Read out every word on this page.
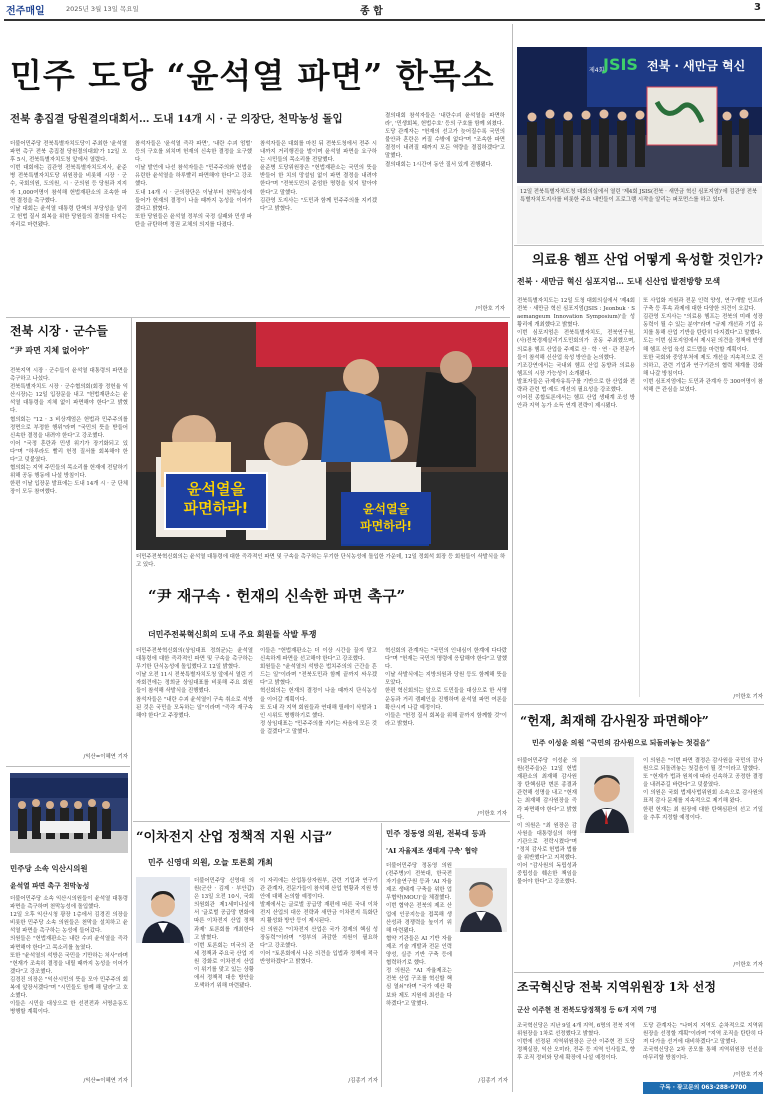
전주매일	2025년 3월 13일 목요일	종 합	3
민주 도당 “윤석열 파면” 한목소
전북 총집결 당원결의대회서… 도내 14개 시 · 군 의장단, 천막농성 돌입
더불어민주당 전북특별자치도당이 주최한 '윤석열 파면 촉구 전북 총집결 당원결의대회'가 12일 오후 5시, 전북특별자치도청 앞에서 열렸다.
이번 대회에는 김관영 전북특별자치도지사, 윤준병 전북특별자치도당 위원장을 비롯해 시장 · 군수, 국회의원, 도의원, 시 · 군의원 등 당원과 지지자 1,000여명이 참석해 헌법재판소의 조속한 파면 결정을 촉구했다.
이날 대회는 윤석열 대통령 탄핵의 부당성을 알리고 헌법 질서 회복을 위한 당원들의 결의를 다지는 자리로 마련됐다.
참석자들은 '윤석열 즉각 파면', '내란 수괴 엄벌' 등의 구호를 외치며 헌재의 신속한 결정을 요구했다.
이날 발언에 나선 참석자들은 "민주주의와 헌법을 유린한 윤석열을 하루빨리 파면해야 한다"고 강조했다.
도내 14개 시 · 군의장단은 이날부터 천막농성에 들어가 헌재의 결정이 나올 때까지 농성을 이어가겠다고 밝혔다.
또한 당원들은 윤석열 정부의 국정 실패와 민생 파탄을 규탄하며 정권 교체의 의지를 다졌다.
참석자들은 대회를 마친 뒤 전북도청에서 전주 시내까지 거리행진을 벌이며 윤석열 파면을 요구하는 시민들의 목소리를 전달했다.
윤준병 도당위원장은 "헌법재판소는 국민의 뜻을 받들어 한 치의 망설임 없이 파면 결정을 내려야 한다"며 "전북도민의 준엄한 명령을 잊지 말아야 한다"고 말했다.
김관영 도지사는 "도민과 함께 민주주의를 지키겠다"고 밝혔다.
결의대회 참석자들은 '내란수괴 윤석열을 파면하라', '민생회복, 헌법수호' 등의 구호를 함께 외쳤다.
도당 관계자는 "헌재의 선고가 늦어질수록 국민의 불안과 혼란은 커질 수밖에 없다"며 "조속한 파면 결정이 내려질 때까지 모든 역량을 결집하겠다"고 말했다.
결의대회는 1시간여 동안 질서 있게 진행됐다.
/이한호 기자
제4회
JSIS 전북 · 새만금 혁신
12일 전북특별자치도청 대회의실에서 열린 '제4회 JSIS(전북 · 새만금 혁신 심포지엄)'에 김관영 전북특별자치도지사를 비롯한 주요 내빈들이 프로그램 시작을 알리는 퍼포먼스를 하고 있다.
의료용 헴프 산업 어떻게 육성할 것인가?
전북 · 새만금 혁신 심포지엄… 도내 신산업 발전방향 모색
전북특별자치도는 12일 도청 대회의실에서 '제4회 전북 · 새만금 혁신 심포지엄(JSIS : Jeonbuk · Saemangeum Innovation Symposium)'을 성황리에 개최했다고 밝혔다.
이번 심포지엄은 전북특별자치도, 전북연구원, (사)전북경제살리기도민회의가 공동 주최했으며, 의료용 헴프 산업을 주제로 산 · 학 · 연 · 관 전문가들이 참석해 신산업 육성 방안을 논의했다.
기조강연에서는 국내외 헴프 산업 동향과 의료용 헴프의 시장 가능성이 소개됐다.
발표자들은 규제자유특구를 기반으로 한 산업화 전략과 관련 법·제도 개선의 필요성을 강조했다.
이어진 종합토론에서는 헴프 산업 생태계 조성 방안과 지역 농가 소득 연계 전략이 제시됐다.
또 사업화 지원과 전문 인력 양성, 연구개발 인프라 구축 등 후속 과제에 대한 다양한 의견이 오갔다.
김관영 도지사는 "의료용 헴프는 전북의 미래 성장동력이 될 수 있는 분야"라며 "규제 개선과 기업 유치를 통해 산업 기반을 탄탄히 다지겠다"고 말했다.
도는 이번 심포지엄에서 제시된 의견을 정책에 반영해 헴프 산업 육성 로드맵을 마련할 계획이다.
또한 국회와 중앙부처에 제도 개선을 지속적으로 건의하고, 관련 기업과 연구기관의 협력 체계를 강화해 나갈 방침이다.
이번 심포지엄에는 도민과 관계자 등 300여명이 참석해 큰 관심을 보였다.
/이한호 기자
전북 시장 · 군수들
“尹 파면 지체 없어야”
전북지역 시장 · 군수들이 윤석열 대통령의 파면을 촉구하고 나섰다.
전북특별자치도 시장 · 군수협의회(회장 정헌율 익산시장)는 12일 입장문을 내고 "헌법재판소는 윤석열 대통령을 지체 없이 파면해야 한다"고 밝혔다.
협의회는 "12 · 3 비상계엄은 헌법과 민주주의를 정면으로 부정한 행위"라며 "국민의 뜻을 받들어 신속한 결정을 내려야 한다"고 강조했다.
이어 "국정 혼란과 민생 위기가 장기화되고 있다"며 "하루라도 빨리 헌정 질서를 회복해야 한다"고 덧붙였다.
협의회는 지역 주민들의 목소리를 헌재에 전달하기 위해 공동 행동에 나설 방침이다.
한편 이날 입장문 발표에는 도내 14개 시 · 군 단체장이 모두 참여했다.
/익산=이혜연 기자
윤석열을
파면하라!	윤석열을
파면하라!
더민주전북혁신회의는 윤석열 대통령에 대한 즉각적인 파면 및 구속을 촉구하는 무기한 단식농성에 돌입한 가운데, 12일 정회석 회장 등 회원들이 삭발식을 하고 있다.
“尹 재구속 · 헌재의 신속한 파면 촉구”
더민주전북혁신회의 도내 주요 회원들 삭발 투쟁
더민주전북혁신회의(상임대표 정희균)는 윤석열 대통령에 대한 즉각적인 파면 및 구속을 촉구하는 무기한 단식농성에 돌입했다고 12일 밝혔다.
이날 오전 11시 전북특별자치도청 앞에서 열린 기자회견에는 정희균 상임대표를 비롯해 주요 회원들이 참석해 삭발식을 진행했다.
참석자들은 "내란 수괴 윤석열이 구속 취소로 석방된 것은 국민을 모독하는 일"이라며 "즉각 재구속해야 한다"고 주장했다.
이들은 "헌법재판소는 더 이상 시간을 끌지 말고 신속하게 파면을 선고해야 한다"고 강조했다.
회원들은 "윤석열의 석방은 법치주의의 근간을 흔드는 일"이라며 "전북도민과 함께 끝까지 싸우겠다"고 밝혔다.
혁신회의는 헌재의 결정이 나올 때까지 단식농성을 이어갈 계획이다.
또 도내 각 지역 회원들과 연대해 릴레이 삭발과 1인 시위도 병행하기로 했다.
정 상임대표는 "민주주의를 지키는 싸움에 모든 것을 걸겠다"고 말했다.
혁신회의 관계자는 "국민의 인내심이 한계에 다다랐다"며 "헌재는 국민의 명령에 응답해야 한다"고 말했다.
이날 삭발식에는 지방의원과 당원 등도 함께해 뜻을 모았다.
한편 혁신회의는 앞으로 도민들을 대상으로 한 서명운동과 거리 캠페인을 진행하며 윤석열 파면 여론을 확산시켜 나갈 예정이다.
이들은 "헌정 질서 회복을 위해 끝까지 함께할 것"이라고 밝혔다.
/이한호 기자
민주당 소속 익산시의원
윤석열 파면 촉구 천막농성
더불어민주당 소속 익산시의원들이 윤석열 대통령 파면을 촉구하며 천막농성에 돌입했다.
12일 오후 익산시청 광장 1층에서 김경진 의장을 비롯한 민주당 소속 의원들은 천막을 설치하고 윤석열 파면을 촉구하는 농성에 들어갔다.
의원들은 "헌법재판소는 내란 수괴 윤석열을 즉각 파면해야 한다"고 목소리를 높였다.
또한 "윤석열의 석방은 국민을 기만하는 처사"라며 "헌재가 조속히 결정을 내릴 때까지 농성을 이어가겠다"고 강조했다.
김경진 의장은 "익산시민의 뜻을 모아 민주주의 회복에 앞장서겠다"며 "시민들도 함께 해 달라"고 호소했다.
이들은 시민을 대상으로 한 선전전과 서명운동도 병행할 계획이다.
/익산=이혜연 기자
“이차전지 산업 정책적 지원 시급”
민주 신영대 의원, 오늘 토론회 개최
더불어민주당 신영대 의원(군산 · 김제 · 부안갑)은 13일 오전 10시, 국회의원회관 제1세미나실에서 '글로벌 공급망 변화에 따른 이차전지 산업 정책 과제' 토론회를 개최한다고 밝혔다.
이번 토론회는 미국의 관세 정책과 주요국 산업 지원 강화로 이차전지 산업이 위기를 맞고 있는 상황에서 정책적 대응 방안을 모색하기 위해 마련됐다.
이 자리에는 산업통상자원부, 관련 기업과 연구기관 관계자, 전문가들이 참석해 산업 현황과 지원 방안에 대해 논의할 예정이다.
발제에서는 글로벌 공급망 재편에 따른 국내 이차전지 산업의 대응 전략과 새만금 이차전지 특화단지 활성화 방안 등이 제시된다.
신 의원은 "이차전지 산업은 국가 경제의 핵심 성장동력"이라며 "정부의 과감한 지원이 필요하다"고 강조했다.
이어 "토론회에서 나온 의견을 입법과 정책에 적극 반영하겠다"고 밝혔다.
/김종기 기자
민주 정동영 의원, 전북대 등과
'AI 자율제조 생태계 구축' 협약
더불어민주당 정동영 의원(전주병)이 전북대, 한국전자기술연구원 등과 'AI 자율제조 생태계 구축을 위한 업무협약(MOU)'을 체결했다.
이번 협약은 전북의 제조 산업에 인공지능을 접목해 생산성과 경쟁력을 높이기 위해 마련됐다.
협약 기관들은 AI 기반 자율제조 기술 개발과 전문 인력 양성, 실증 기반 구축 등에 협력하기로 했다.
정 의원은 "AI 자율제조는 전북 산업 구조를 혁신할 핵심 열쇠"라며 "국가 예산 확보와 제도 지원에 최선을 다하겠다"고 말했다.
/김종기 기자
“헌재, 최재해 감사원장 파면해야”
민주 이성윤 의원 “국민의 감사원으로 되돌려놓는 첫걸음”
더불어민주당 이성윤 의원(전주을)은 12일 헌법재판소의 최재해 감사원장 탄핵심판 변론 종결과 관련해 성명을 내고 "헌재는 최재해 감사원장을 즉각 파면해야 한다"고 밝혔다.
이 의원은 "최 원장은 감사원을 대통령실의 하명 기관으로 전락시켰다"며 "정치 감사로 헌법과 법률을 위반했다"고 지적했다.
이어 "감사원의 독립성과 중립성을 훼손한 책임을 물어야 한다"고 강조했다.
이 의원은 "이번 파면 결정은 감사원을 국민의 감사원으로 되돌려놓는 첫걸음이 될 것"이라고 말했다.
또 "헌재가 법과 원칙에 따라 신속하고 공정한 결정을 내려주길 바란다"고 덧붙였다.
이 의원은 국회 법제사법위원회 소속으로 감사원의 표적 감사 문제를 지속적으로 제기해 왔다.
한편 헌재는 최 원장에 대한 탄핵심판의 선고 기일을 추후 지정할 예정이다.
/이한호 기자
조국혁신당 전북 지역위원장 1차 선정
군산 이주현 전 전북도당정책정 등 6개 지역 7명
조국혁신당은 지난 9일 4개 지역, 6명의 전북 지역위원장을 1차로 선정했다고 밝혔다.
이번에 선정된 지역위원장은 군산 이주현 전 도당정책실장, 익산 오미라, 전주 등 지역 인사들로, 향후 조직 정비와 당세 확장에 나설 예정이다.
도당 관계자는 "나머지 지역도 순차적으로 지역위원장을 선정할 계획"이라며 "지역 조직을 탄탄히 다져 다가올 선거에 대비하겠다"고 말했다.
조국혁신당은 2차 공모를 통해 지역위원장 인선을 마무리할 방침이다.
/이한호 기자
구독 · 광고문의 063-288-9700
